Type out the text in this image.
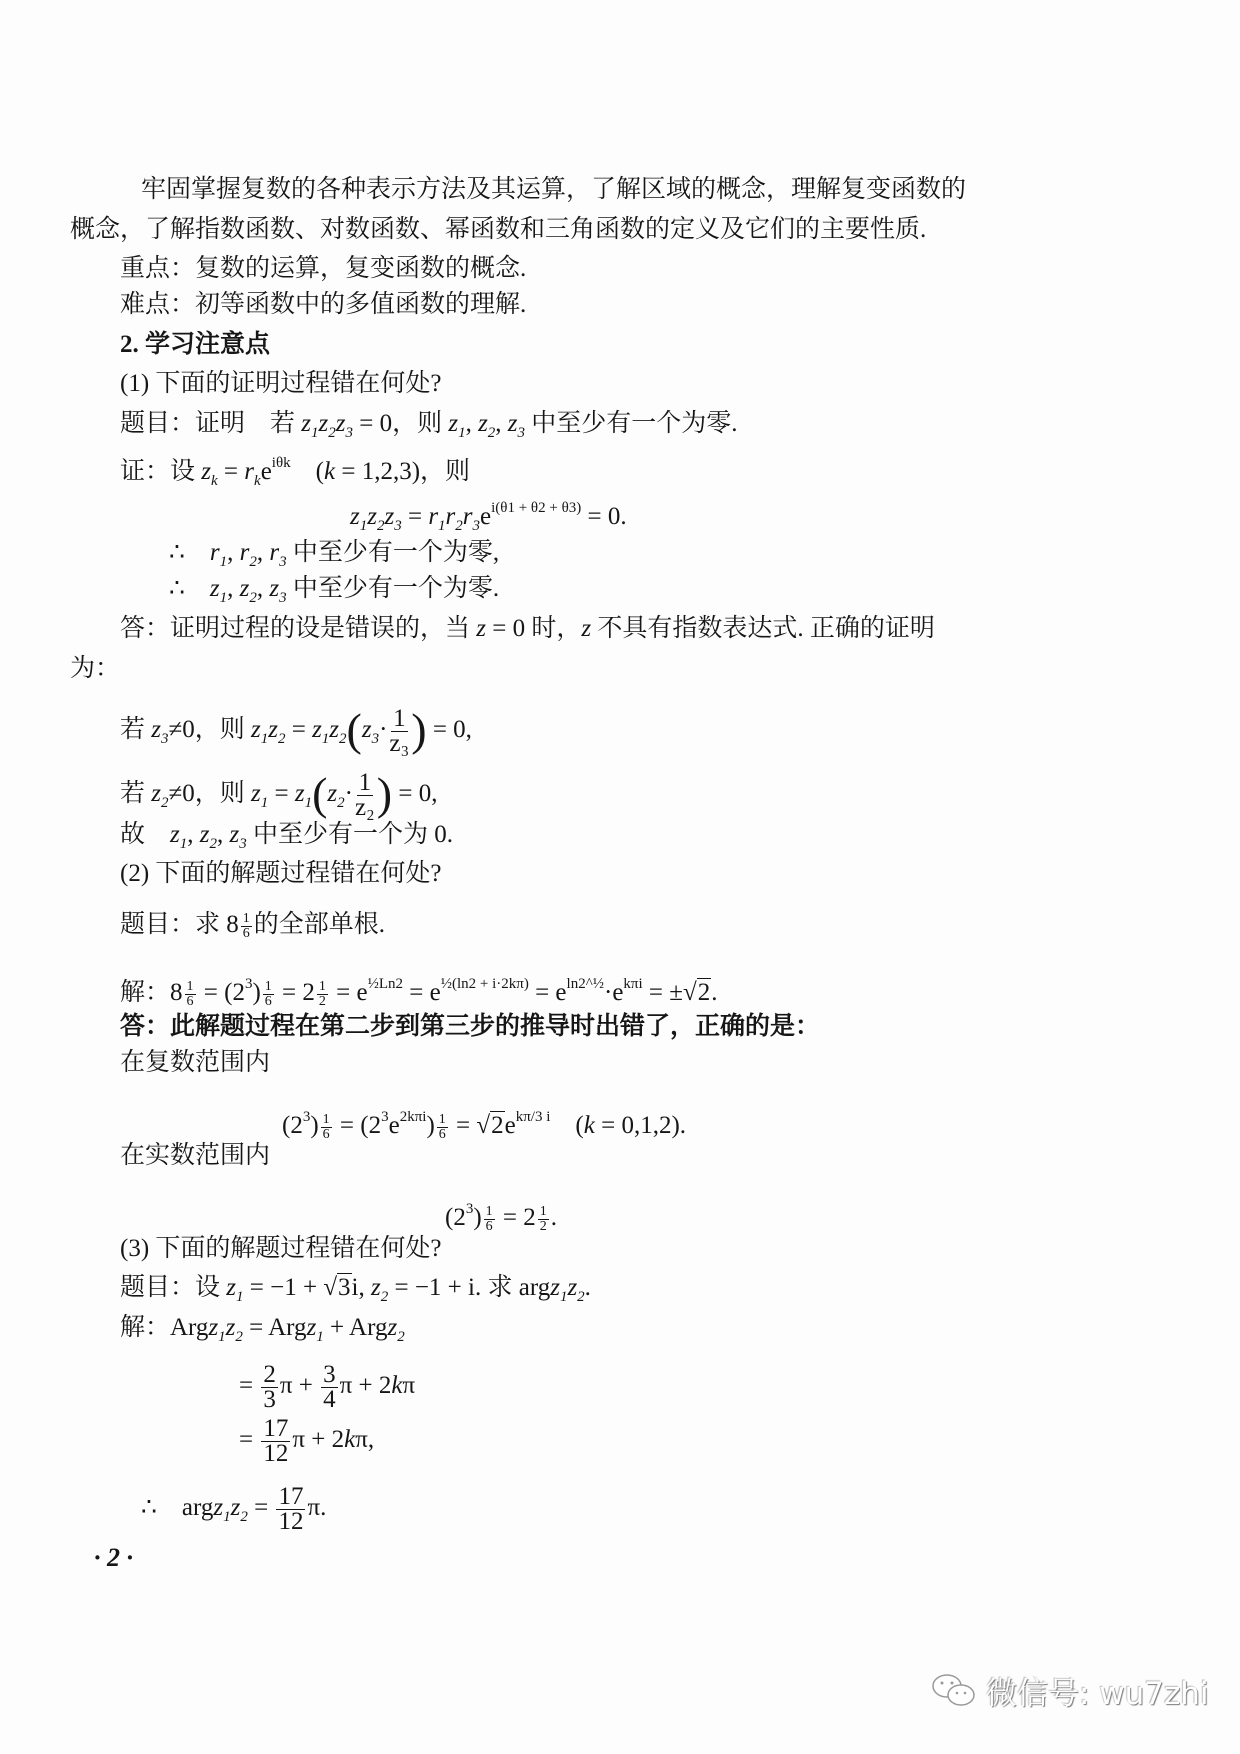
牢固掌握复数的各种表示方法及其运算，了解区域的概念，理解复变函数的
概念，了解指数函数、对数函数、幂函数和三角函数的定义及它们的主要性质.
重点：复数的运算，复变函数的概念.
难点：初等函数中的多值函数的理解.
2. 学习注意点
(1) 下面的证明过程错在何处?
题目：证明　若 $z_1z_2z_3 = 0$，则 $z_1$, $z_2$, $z_3$ 中至少有一个为零.
证：设 $z_k = r_ke^{i\theta k}$　(k = 1,2,3)，则
$z_1z_2z_3 = r_1r_2r_3e^{i(\theta 1 + \theta 2 + \theta 3)} = 0$.
∴　$r_1$, $r_2$, $r_3$ 中至少有一个为零,
∴　$z_1$, $z_2$, $z_3$ 中至少有一个为零.
答：证明过程的设是错误的，当 z = 0 时，z 不具有指数表达式. 正确的证明
为：
若 $z_3\ne 0$，则 $z_1z_2 = z_1z_2(z_3\cdot \frac{1}{\text{z₃}}$ ) = 0,
若 $z_2\ne 0$，则 $z_1 = z_1(z_2\cdot \frac{1}{\text{z₂}}$ ) = 0,
故　$z_1$, $z_2$, $z_3$ 中至少有一个为 0.
(2) 下面的解题过程错在何处?
题目：求 $8 \frac{1}{6}$ 的全部单根.
解：$8 \frac{1}{6} = (2^3) \frac{1}{6} = 2 \frac{1}{2} = e^{\frac{1}{2}Ln2} = e^{\frac{1}{2}(ln2 + i\cdot 2k\pi)} = e^{ln2\^{}\frac{1}{2}}\cdot e^{k\pi i} = \pm√2$.
答：此解题过程在第二步到第三步的推导时出错了，正确的是：
在复数范围内
$(2^3) \frac{1}{6} = (2^3e^{2k\pi i}) \frac{1}{6} = √2e^{k\pi/3 i}$　(k = 0,1,2).
在实数范围内
$(2^3) \frac{1}{6} = 2 \frac{1}{2}$ .
(3) 下面的解题过程错在何处?
题目：设 $z_1 = -1 + √3i$, $z_2 = -1 + i$. 求 $argz_1z_2$.
解：$Argz_1z_2$ = Argz$_1$ + Argz$_2$
= $\frac{2}{3}$ $\pi + \frac{3}{4}$ π + 2kπ
= $\frac{17}{12}$ π + 2kπ,
∴　$argz_1z_2 = \frac{17}{12} \pi$.
· 2 ·
微信号: wu7zhi
